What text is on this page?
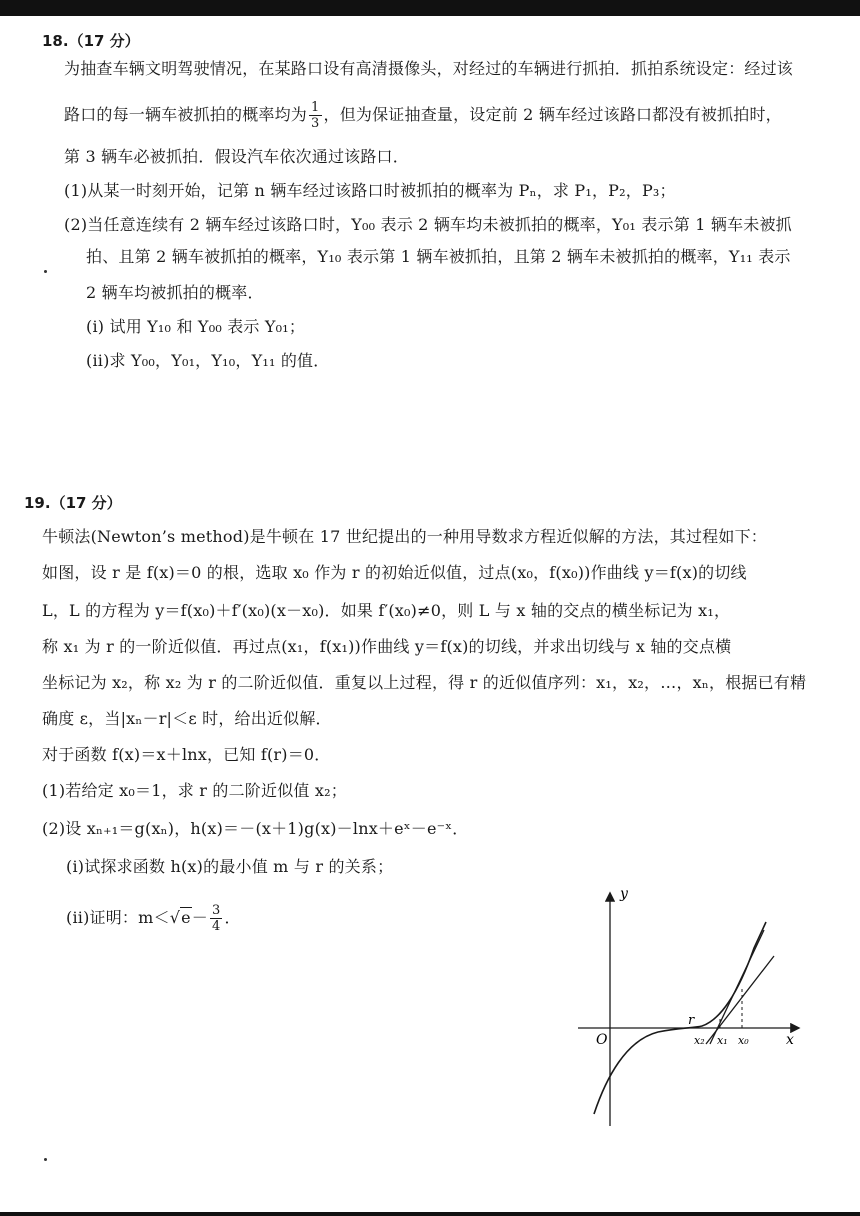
18.（17 分）
为抽查车辆文明驾驶情况，在某路口设有高清摄像头，对经过的车辆进行抓拍．抓拍系统设定：经过该
路口的每一辆车被抓拍的概率均为 $\frac{1}{3}$ ，但为保证抽查量，设定前 2 辆车经过该路口都没有被抓拍时，
第 3 辆车必被抓拍．假设汽车依次通过该路口．
(1)从某一时刻开始，记第 n 辆车经过该路口时被抓拍的概率为 Pₙ，求 P₁，P₂，P₃；
(2)当任意连续有 2 辆车经过该路口时，Y₀₀ 表示 2 辆车均未被抓拍的概率，Y₀₁ 表示第 1 辆车未被抓
拍、且第 2 辆车被抓拍的概率，Y₁₀ 表示第 1 辆车被抓拍，且第 2 辆车未被抓拍的概率，Y₁₁ 表示
2 辆车均被抓拍的概率．
(i) 试用 Y₁₀ 和 Y₀₀ 表示 Y₀₁；
(ii)求 Y₀₀，Y₀₁，Y₁₀，Y₁₁ 的值．
19.（17 分）
牛顿法(Newton’s method)是牛顿在 17 世纪提出的一种用导数求方程近似解的方法，其过程如下：
如图，设 r 是 f(x)＝0 的根，选取 x₀ 作为 r 的初始近似值，过点(x₀，f(x₀))作曲线 y＝f(x)的切线
L，L 的方程为 y＝f(x₀)＋f′(x₀)(x－x₀)．如果 f′(x₀)≠0，则 L 与 x 轴的交点的横坐标记为 x₁，
称 x₁ 为 r 的一阶近似值．再过点(x₁，f(x₁))作曲线 y＝f(x)的切线，并求出切线与 x 轴的交点横
坐标记为 x₂，称 x₂ 为 r 的二阶近似值．重复以上过程，得 r 的近似值序列：x₁，x₂，…，xₙ，根据已有精
确度 ε，当|xₙ－r|＜ε 时，给出近似解．
对于函数 f(x)＝x＋lnx，已知 f(r)＝0．
(1)若给定 x₀＝1，求 r 的二阶近似值 x₂；
(2)设 xₙ₊₁＝g(xₙ)，h(x)＝－(x＋1)g(x)－lnx＋eˣ－e⁻ˣ．
(i)试探求函数 h(x)的最小值 m 与 r 的关系；
(ii)证明：$m<√e- \frac{3}{4}$ ．
y
x
O
r
x₂ x₁ x₀
